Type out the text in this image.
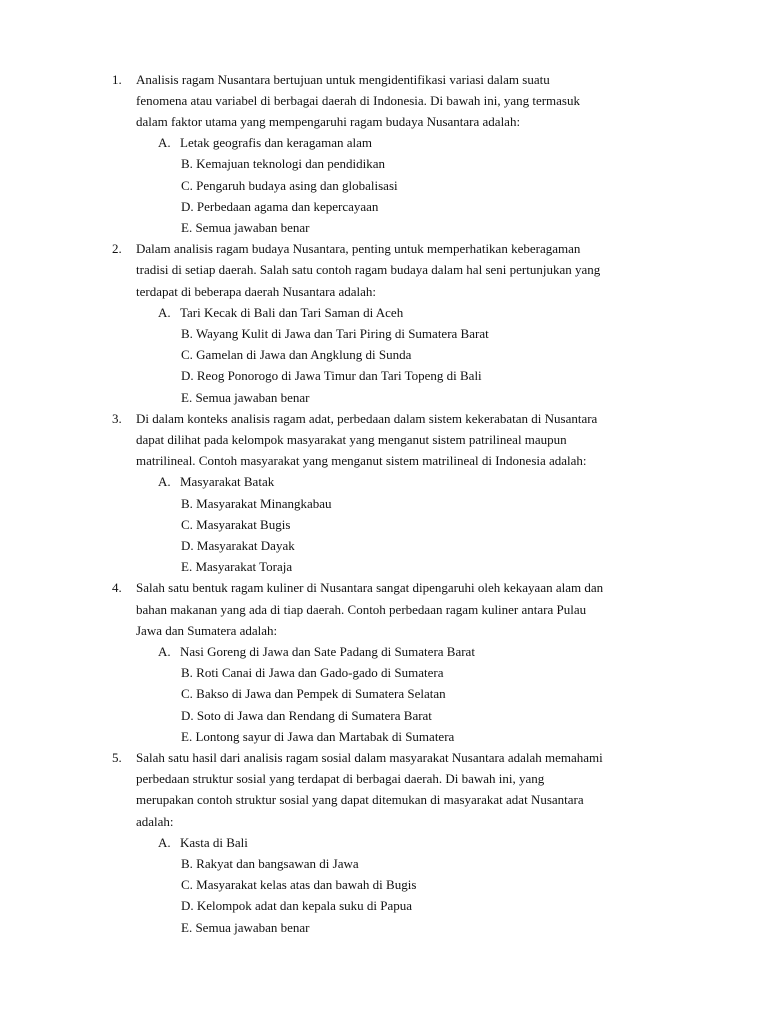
1.	Analisis ragam Nusantara bertujuan untuk mengidentifikasi variasi dalam suatu
fenomena atau variabel di berbagai daerah di Indonesia. Di bawah ini, yang termasuk
dalam faktor utama yang mempengaruhi ragam budaya Nusantara adalah:
A. Letak geografis dan keragaman alam
B. Kemajuan teknologi dan pendidikan
C. Pengaruh budaya asing dan globalisasi
D. Perbedaan agama dan kepercayaan
E. Semua jawaban benar
2.	Dalam analisis ragam budaya Nusantara, penting untuk memperhatikan keberagaman
tradisi di setiap daerah. Salah satu contoh ragam budaya dalam hal seni pertunjukan yang
terdapat di beberapa daerah Nusantara adalah:
A. Tari Kecak di Bali dan Tari Saman di Aceh
B. Wayang Kulit di Jawa dan Tari Piring di Sumatera Barat
C. Gamelan di Jawa dan Angklung di Sunda
D. Reog Ponorogo di Jawa Timur dan Tari Topeng di Bali
E. Semua jawaban benar
3.	Di dalam konteks analisis ragam adat, perbedaan dalam sistem kekerabatan di Nusantara
dapat dilihat pada kelompok masyarakat yang menganut sistem patrilineal maupun
matrilineal. Contoh masyarakat yang menganut sistem matrilineal di Indonesia adalah:
A. Masyarakat Batak
B. Masyarakat Minangkabau
C. Masyarakat Bugis
D. Masyarakat Dayak
E. Masyarakat Toraja
4.	Salah satu bentuk ragam kuliner di Nusantara sangat dipengaruhi oleh kekayaan alam dan
bahan makanan yang ada di tiap daerah. Contoh perbedaan ragam kuliner antara Pulau
Jawa dan Sumatera adalah:
A. Nasi Goreng di Jawa dan Sate Padang di Sumatera Barat
B. Roti Canai di Jawa dan Gado-gado di Sumatera
C. Bakso di Jawa dan Pempek di Sumatera Selatan
D. Soto di Jawa dan Rendang di Sumatera Barat
E. Lontong sayur di Jawa dan Martabak di Sumatera
5.	Salah satu hasil dari analisis ragam sosial dalam masyarakat Nusantara adalah memahami
perbedaan struktur sosial yang terdapat di berbagai daerah. Di bawah ini, yang
merupakan contoh struktur sosial yang dapat ditemukan di masyarakat adat Nusantara
adalah:
A. Kasta di Bali
B. Rakyat dan bangsawan di Jawa
C. Masyarakat kelas atas dan bawah di Bugis
D. Kelompok adat dan kepala suku di Papua
E. Semua jawaban benar
